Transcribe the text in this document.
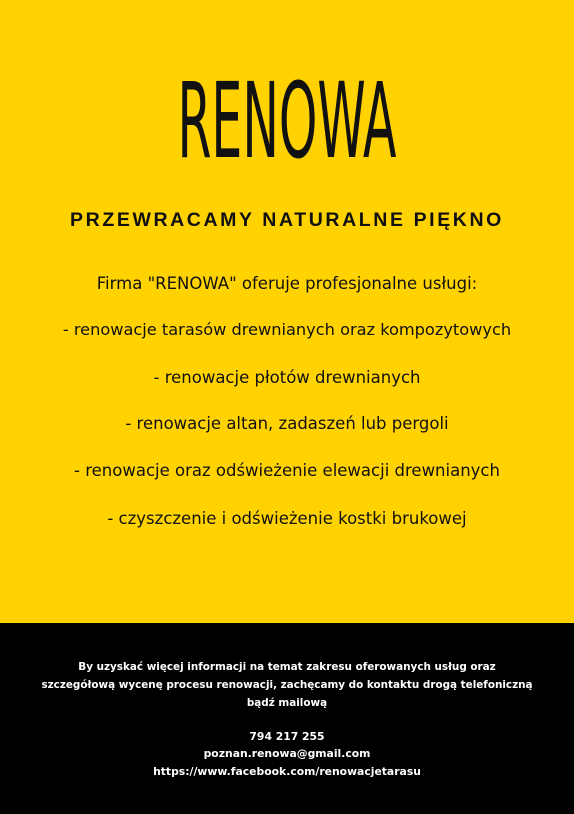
RENOWA
PRZEWRACAMY NATURALNE PIĘKNO
Firma "RENOWA" oferuje profesjonalne usługi:
- renowacje tarasów drewnianych oraz kompozytowych
- renowacje płotów drewnianych
- renowacje altan, zadaszeń lub pergoli
- renowacje oraz odświeżenie elewacji drewnianych
- czyszczenie i odświeżenie kostki brukowej
By uzyskać więcej informacji na temat zakresu oferowanych usług oraz szczegółową wycenę procesu renowacji, zachęcamy do kontaktu drogą telefoniczną bądź mailową
794 217 255
poznan.renowa@gmail.com
https://www.facebook.com/renowacjetarasu
